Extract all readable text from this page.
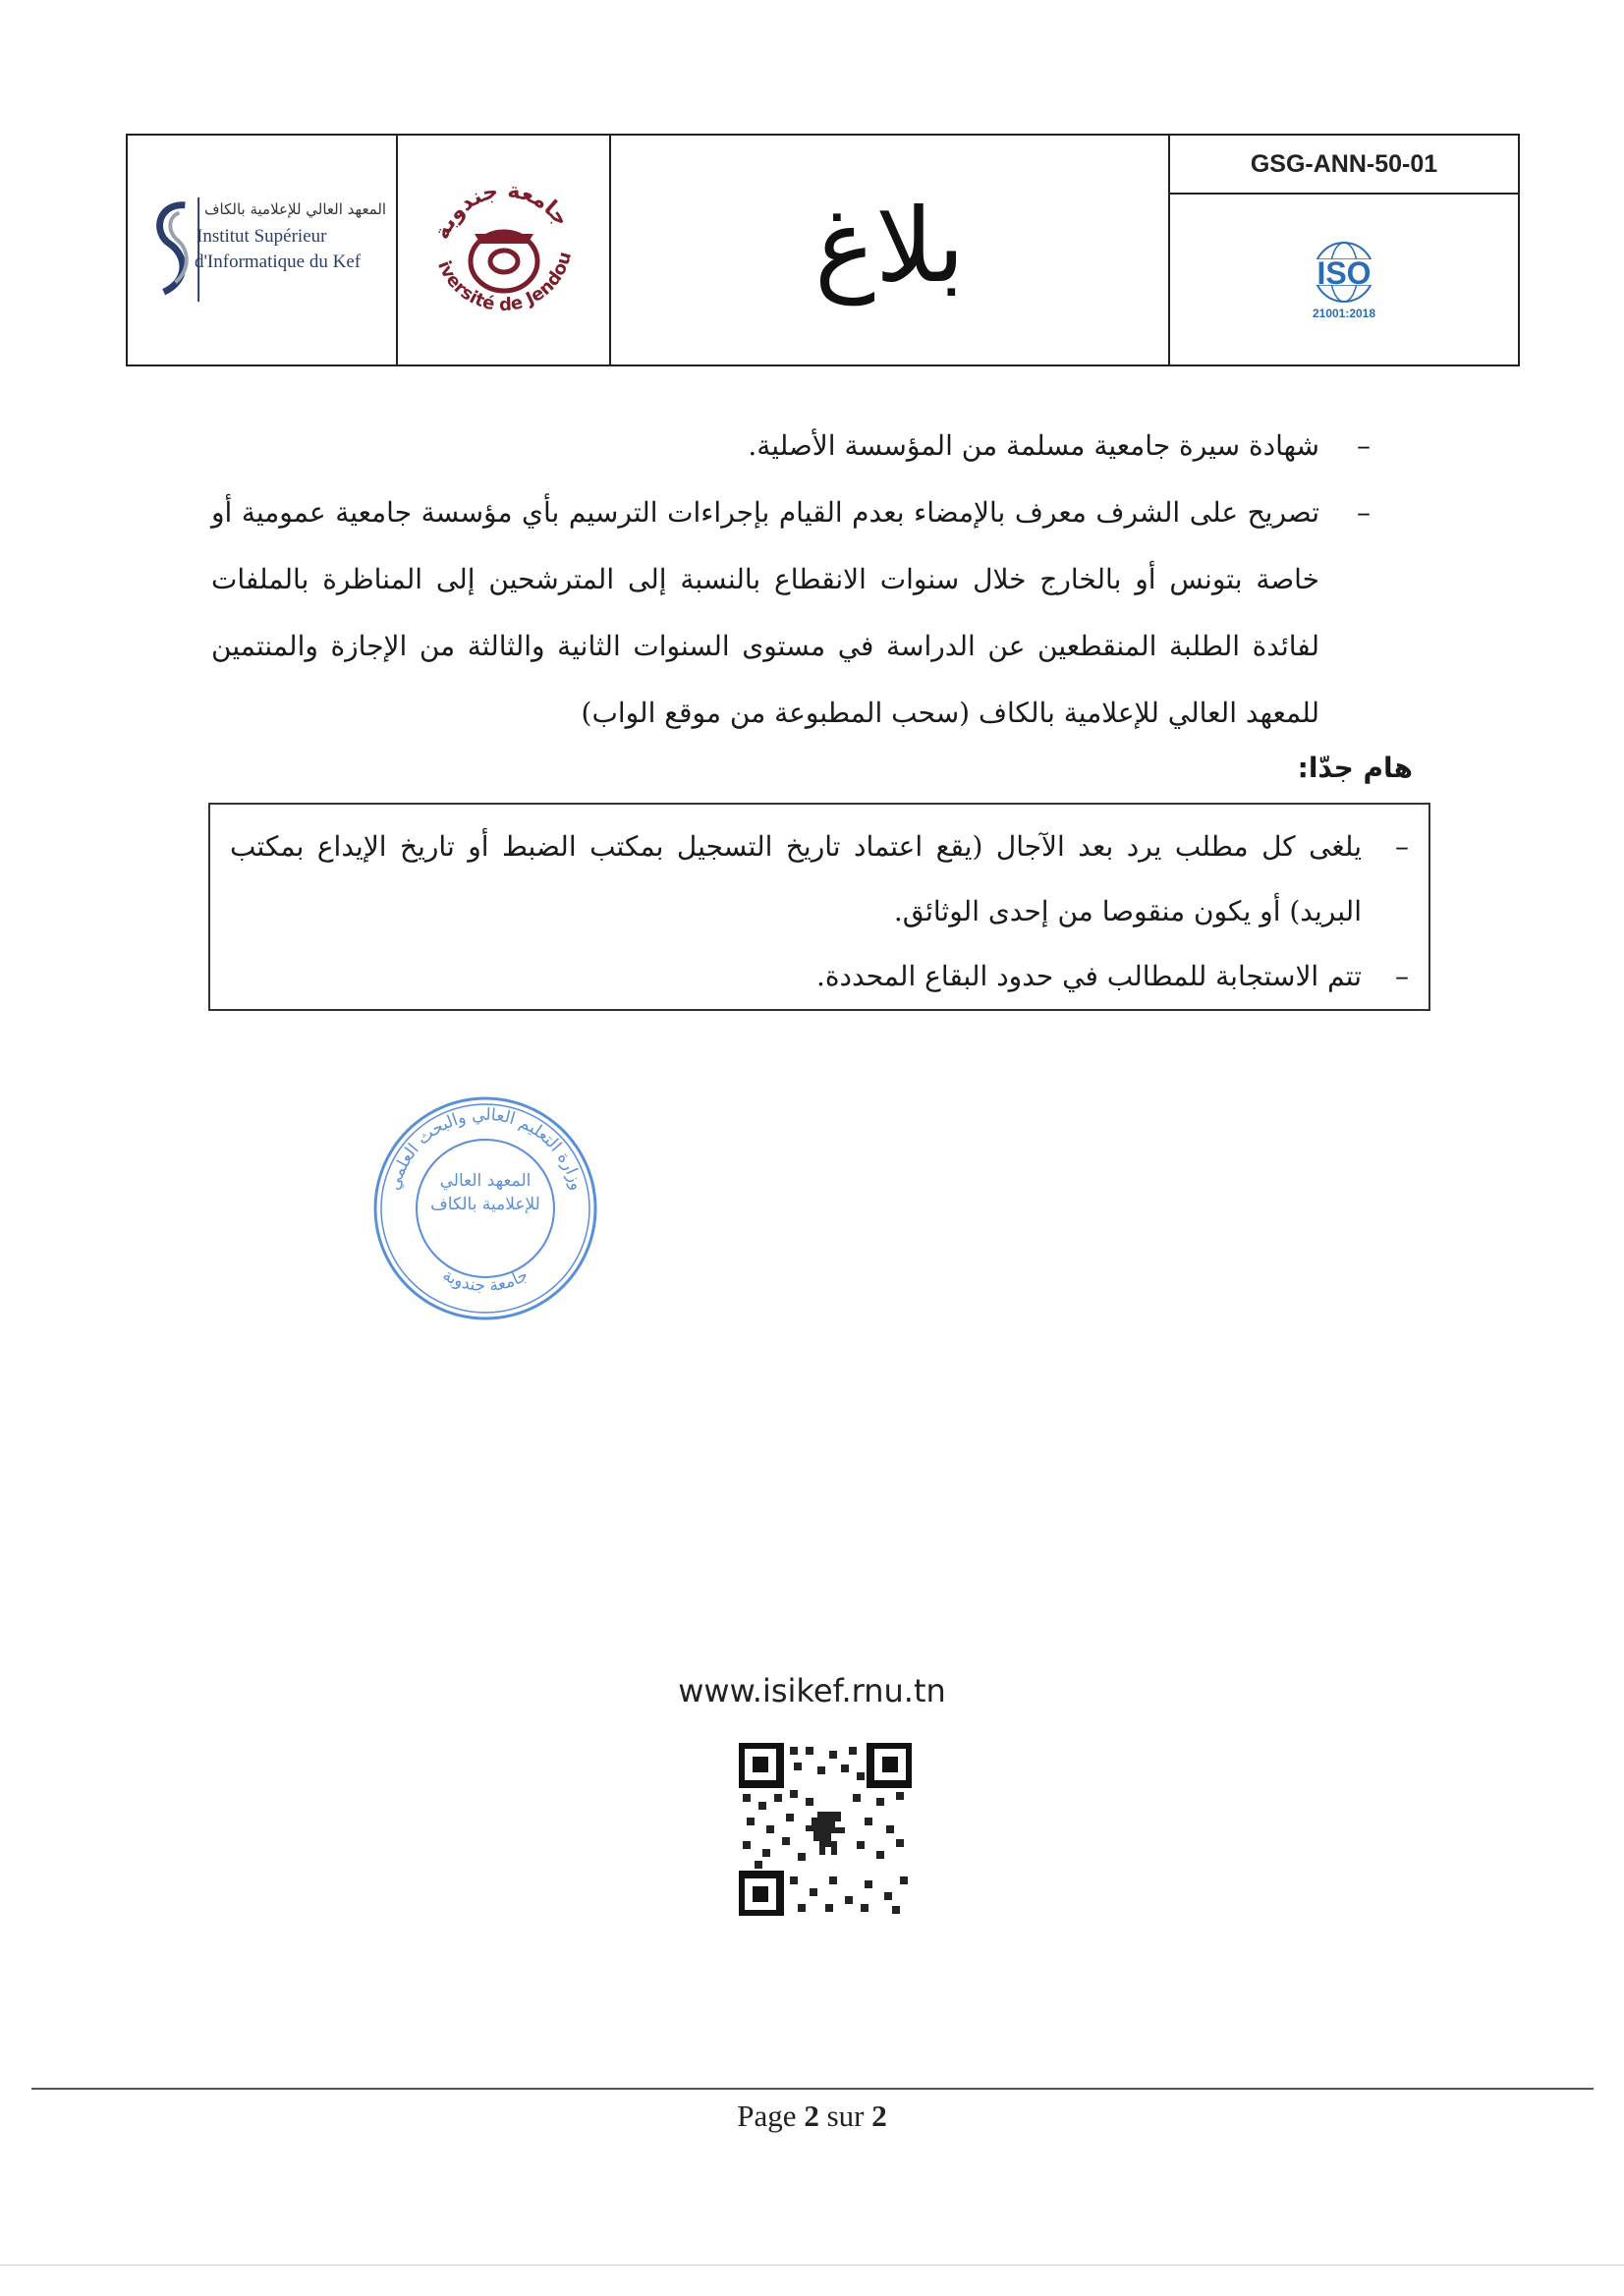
المعهد العالي للإعلامية بالكاف
Institut Supérieur
d'Informatique du Kef
جامعة جندوبة
iversité de Jendou بلاغ
GSG-ANN-50-01
ISO
21001:2018
–
شهادة سيرة جامعية مسلمة من المؤسسة الأصلية.
–
تصريح على الشرف معرف بالإمضاء بعدم القيام بإجراءات الترسيم بأي مؤسسة جامعية عمومية أو خاصة بتونس أو بالخارج خلال سنوات الانقطاع بالنسبة إلى المترشحين إلى المناظرة بالملفات لفائدة الطلبة المنقطعين عن الدراسة في مستوى السنوات الثانية والثالثة من الإجازة والمنتمين للمعهد العالي للإعلامية بالكاف (سحب المطبوعة من موقع الواب)
هام جدّا:
–
يلغى كل مطلب يرد بعد الآجال (يقع اعتماد تاريخ التسجيل بمكتب الضبط أو تاريخ الإيداع بمكتب البريد) أو يكون منقوصا من إحدى الوثائق.
–
تتم الاستجابة للمطالب في حدود البقاع المحددة.
وزارة التعليم العالي والبحث العلمي
جامعة جندوبة
المعهد العالي للإعلامية بالكاف
www.isikef.rnu.tn
Page 2 sur 2
